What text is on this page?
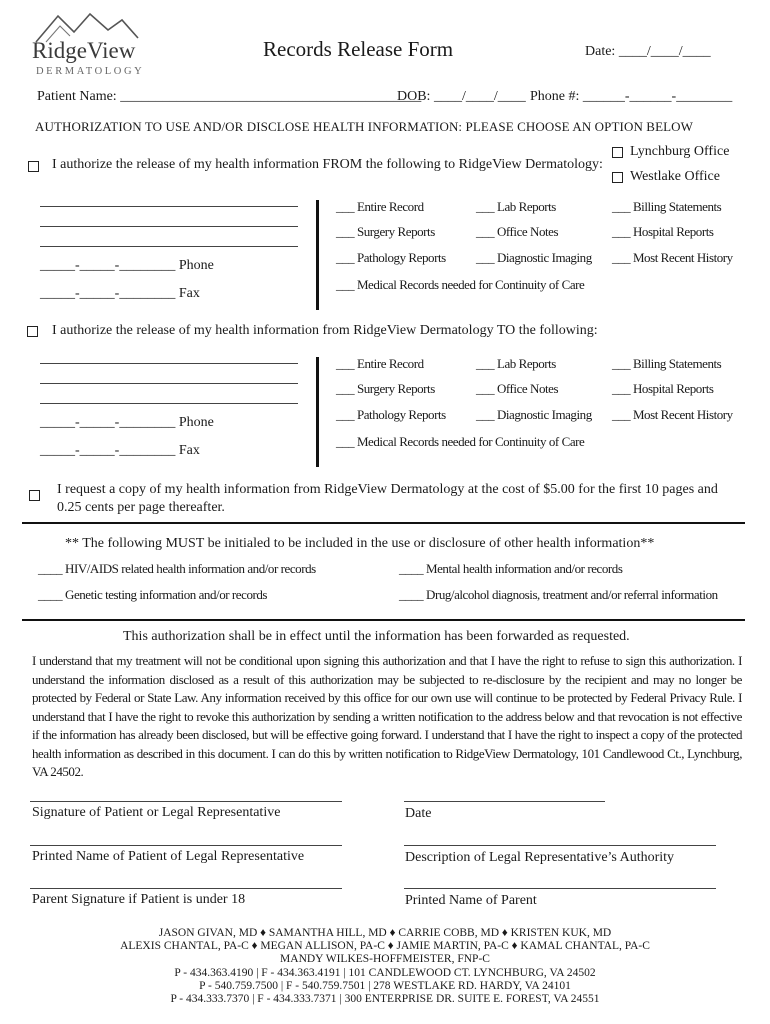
RidgeView
DERMATOLOGY
Records Release Form	Date: ____/____/____
Patient Name: ___________________________________________
DOB: ____/____/____ Phone #: ______-______-________
AUTHORIZATION TO USE AND/OR DISCLOSE HEALTH INFORMATION: PLEASE CHOOSE AN OPTION BELOW
I authorize the release of my health information FROM the following to RidgeView Dermatology:
Lynchburg Office
Westlake Office
_____-_____-________ Phone
_____-_____-________ Fax
___ Entire Record	___ Lab Reports	___ Billing Statements
___ Surgery Reports	___ Office Notes	___ Hospital Reports
___ Pathology Reports ___ Diagnostic Imaging ___ Most Recent History
___ Medical Records needed for Continuity of Care
I authorize the release of my health information from RidgeView Dermatology TO the following:
_____-_____-________ Phone
_____-_____-________ Fax
___ Entire Record	___ Lab Reports	___ Billing Statements
___ Surgery Reports	___ Office Notes	___ Hospital Reports
___ Pathology Reports ___ Diagnostic Imaging ___ Most Recent History
___ Medical Records needed for Continuity of Care
I request a copy of my health information from RidgeView Dermatology at the cost of $5.00 for the first 10 pages and
0.25 cents per page thereafter.
** The following MUST be initialed to be included in the use or disclosure of other health information**
____ HIV/AIDS related health information and/or records	____ Mental health information and/or records
____ Genetic testing information and/or records	____ Drug/alcohol diagnosis, treatment and/or referral information
This authorization shall be in effect until the information has been forwarded as requested.
I understand that my treatment will not be conditional upon signing this authorization and that I have the right to refuse to sign this authorization. I understand the information disclosed as a result of this authorization may be subjected to re-disclosure by the recipient and may no longer be protected by Federal or State Law. Any information received by this office for our own use will continue to be protected by Federal Privacy Rule. I understand that I have the right to revoke this authorization by sending a written notification to the address below and that revocation is not effective if the information has already been disclosed, but will be effective going forward. I understand that I have the right to inspect a copy of the protected health information as described in this document. I can do this by written notification to RidgeView Dermatology, 101 Candlewood Ct., Lynchburg, VA 24502.
Signature of Patient or Legal Representative	Date
Printed Name of Patient of Legal Representative	Description of Legal Representative’s Authority
Parent Signature if Patient is under 18	Printed Name of Parent
JASON GIVAN, MD ♦ SAMANTHA HILL, MD ♦ CARRIE COBB, MD ♦ KRISTEN KUK, MD
ALEXIS CHANTAL, PA-C ♦ MEGAN ALLISON, PA-C ♦ JAMIE MARTIN, PA-C ♦ KAMAL CHANTAL, PA-C
MANDY WILKES-HOFFMEISTER, FNP-C
P - 434.363.4190 | F - 434.363.4191 | 101 CANDLEWOOD CT. LYNCHBURG, VA 24502
P - 540.759.7500 | F - 540.759.7501 | 278 WESTLAKE RD. HARDY, VA 24101
P - 434.333.7370 | F - 434.333.7371 | 300 ENTERPRISE DR. SUITE E. FOREST, VA 24551
